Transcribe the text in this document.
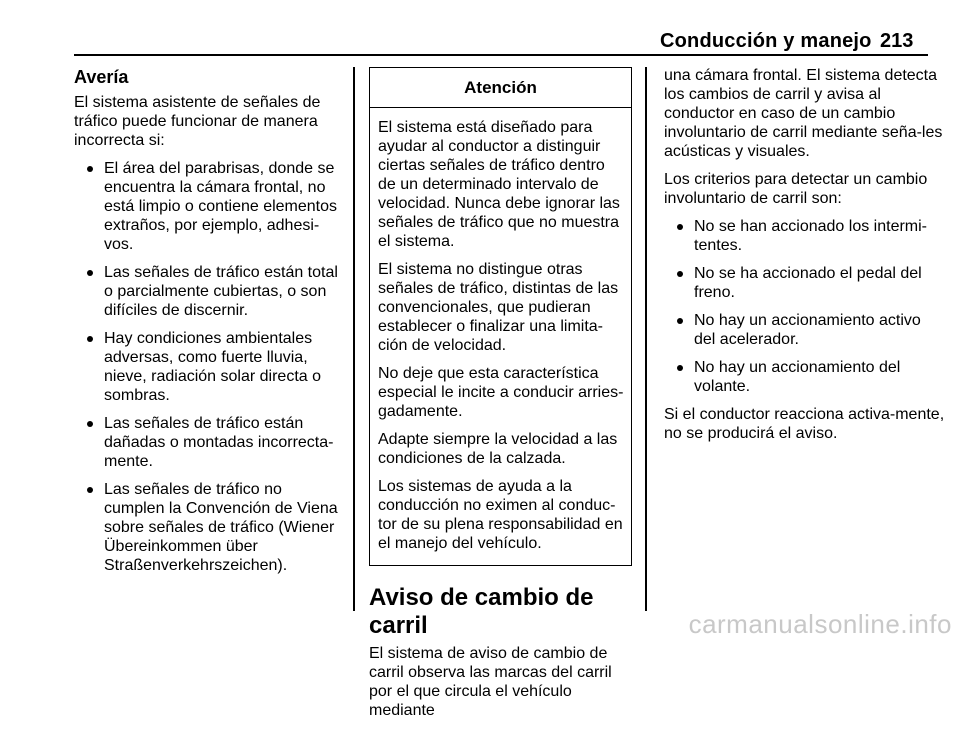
Conducción y manejo 213
Avería

El sistema asistente de señales de tráfico puede funcionar de manera incorrecta si:

El área del parabrisas, donde se encuentra la cámara frontal, no está limpio o contiene elementos extraños, por ejemplo, adhesi-vos.
Las señales de tráfico están total o parcialmente cubiertas, o son difíciles de discernir.
Hay condiciones ambientales adversas, como fuerte lluvia, nieve, radiación solar directa o sombras.
Las señales de tráfico están dañadas o montadas incorrecta-mente.
Las señales de tráfico no cumplen la Convención de Viena sobre señales de tráfico (Wiener Übereinkommen über Straßenverkehrszeichen).
Atención

El sistema está diseñado para ayudar al conductor a distinguir ciertas señales de tráfico dentro de un determinado intervalo de velocidad. Nunca debe ignorar las señales de tráfico que no muestra el sistema.

El sistema no distingue otras señales de tráfico, distintas de las convencionales, que pudieran establecer o finalizar una limita-ción de velocidad.

No deje que esta característica especial le incite a conducir arries-gadamente.

Adapte siempre la velocidad a las condiciones de la calzada.

Los sistemas de ayuda a la conducción no eximen al conduc-tor de su plena responsabilidad en el manejo del vehículo.

Aviso de cambio de carril

El sistema de aviso de cambio de carril observa las marcas del carril por el que circula el vehículo mediante

una cámara frontal. El sistema detecta los cambios de carril y avisa al conductor en caso de un cambio involuntario de carril mediante seña-les acústicas y visuales.

Los criterios para detectar un cambio involuntario de carril son:

No se han accionado los intermi-tentes.
No se ha accionado el pedal del freno.
No hay un accionamiento activo del acelerador.
No hay un accionamiento del volante.

Si el conductor reacciona activa-mente, no se producirá el aviso.

carmanualsonline.info
